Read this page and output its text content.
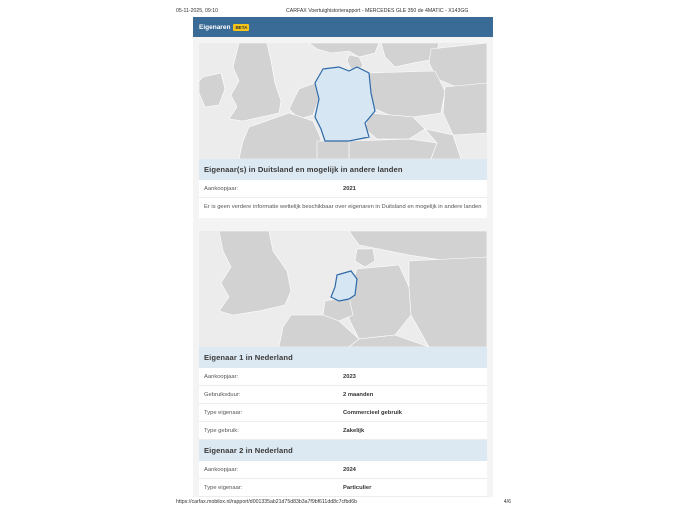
05-11-2025, 09:10	CARFAX Voertuighistorierapport - MERCEDES GLE 350 de 4MATIC - X143GG
Eigenaren	BETA
Eigenaar(s) in Duitsland en mogelijk in andere landen
Aankoopjaar:	2021
Er is geen verdere informatie wettelijk beschikbaar over eigenaren in Duitsland en mogelijk in andere landen
Eigenaar 1 in Nederland
Aankoopjaar:	2023
Gebruiksduur:	2 maanden
Type eigenaar:	Commercieel gebruik
Type gebruik:	Zakelijk
Eigenaar 2 in Nederland
Aankoopjaar:	2024
Type eigenaar:	Particulier
https://carfax.mobilox.nl/rapport/d001335ab21d75d83b3a7f9bf611dd8c7cfbd6b	4/6
